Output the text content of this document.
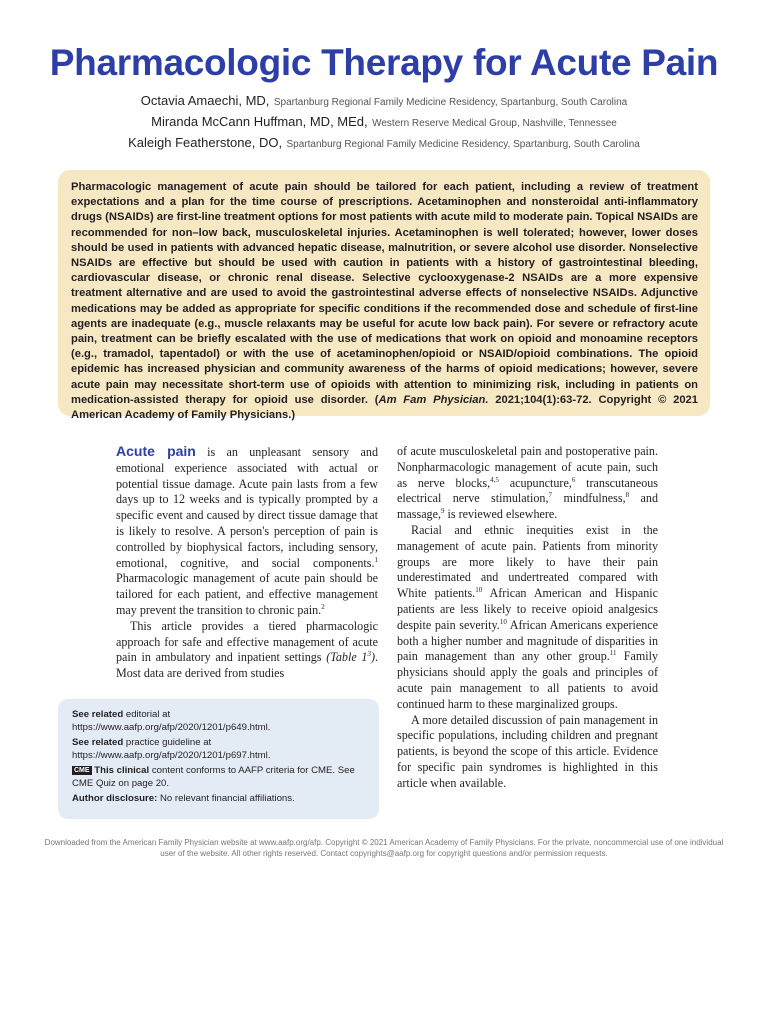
Pharmacologic Therapy for Acute Pain
Octavia Amaechi, MD, Spartanburg Regional Family Medicine Residency, Spartanburg, South Carolina
Miranda McCann Huffman, MD, MEd, Western Reserve Medical Group, Nashville, Tennessee
Kaleigh Featherstone, DO, Spartanburg Regional Family Medicine Residency, Spartanburg, South Carolina
Pharmacologic management of acute pain should be tailored for each patient, including a review of treatment expectations and a plan for the time course of prescriptions. Acetaminophen and nonsteroidal anti-inflammatory drugs (NSAIDs) are first-line treatment options for most patients with acute mild to moderate pain. Topical NSAIDs are recommended for non–low back, musculoskeletal injuries. Acetaminophen is well tolerated; however, lower doses should be used in patients with advanced hepatic disease, malnutrition, or severe alcohol use disorder. Nonselective NSAIDs are effective but should be used with caution in patients with a history of gastrointestinal bleeding, cardiovascular disease, or chronic renal disease. Selective cyclooxygenase-2 NSAIDs are a more expensive treatment alternative and are used to avoid the gastrointestinal adverse effects of nonselective NSAIDs. Adjunctive medications may be added as appropriate for specific conditions if the recommended dose and schedule of first-line agents are inadequate (e.g., muscle relaxants may be useful for acute low back pain). For severe or refractory acute pain, treatment can be briefly escalated with the use of medications that work on opioid and monoamine receptors (e.g., tramadol, tapentadol) or with the use of acetaminophen/opioid or NSAID/opioid combinations. The opioid epidemic has increased physician and community awareness of the harms of opioid medications; however, severe acute pain may necessitate short-term use of opioids with attention to minimizing risk, including in patients on medication-assisted therapy for opioid use disorder. (Am Fam Physician. 2021;104(1):63-72. Copyright © 2021 American Academy of Family Physicians.)

Acute pain is an unpleasant sensory and emotional experience associated with actual or potential tissue damage. Acute pain lasts from a few days up to 12 weeks and is typically prompted by a specific event and caused by direct tissue damage that is likely to resolve. A person's perception of pain is controlled by biophysical factors, including sensory, emotional, cognitive, and social components.$^1$ Pharmacologic management of acute pain should be tailored for each patient, and effective management may prevent the transition to chronic pain.$^2$

This article provides a tiered pharmacologic approach for safe and effective management of acute pain in ambulatory and inpatient settings (Table $1^3$). Most data are derived from studies

See related editorial at https://www.aafp.org/afp/2020/1201/p649.html.

See related practice guideline at https://www.aafp.org/afp/2020/1201/p697.html.

CME This clinical content conforms to AAFP criteria for CME. See CME Quiz on page 20.

Author disclosure: No relevant financial affiliations.

of acute musculoskeletal pain and postoperative pain. Nonpharmacologic management of acute pain, such as nerve blocks,$^{4,5}$ acupuncture,$^6$ transcutaneous electrical nerve stimulation,$^7$ mindfulness,$^8$ and massage,$^9$ is reviewed elsewhere.

Racial and ethnic inequities exist in the management of acute pain. Patients from minority groups are more likely to have their pain underestimated and undertreated compared with White patients.$^{10}$ African American and Hispanic patients are less likely to receive opioid analgesics despite pain severity.$^{10}$ African Americans experience both a higher number and magnitude of disparities in pain management than any other group.$^{11}$ Family physicians should apply the goals and principles of acute pain management to all patients to avoid continued harm to these marginalized groups.

A more detailed discussion of pain management in specific populations, including children and pregnant patients, is beyond the scope of this article. Evidence for specific pain syndromes is highlighted in this article when available.

Downloaded from the American Family Physician website at www.aafp.org/afp. Copyright © 2021 American Academy of Family Physicians. For the private, noncommercial use of one individual user of the website. All other rights reserved. Contact copyrights@aafp.org for copyright questions and/or permission requests.
